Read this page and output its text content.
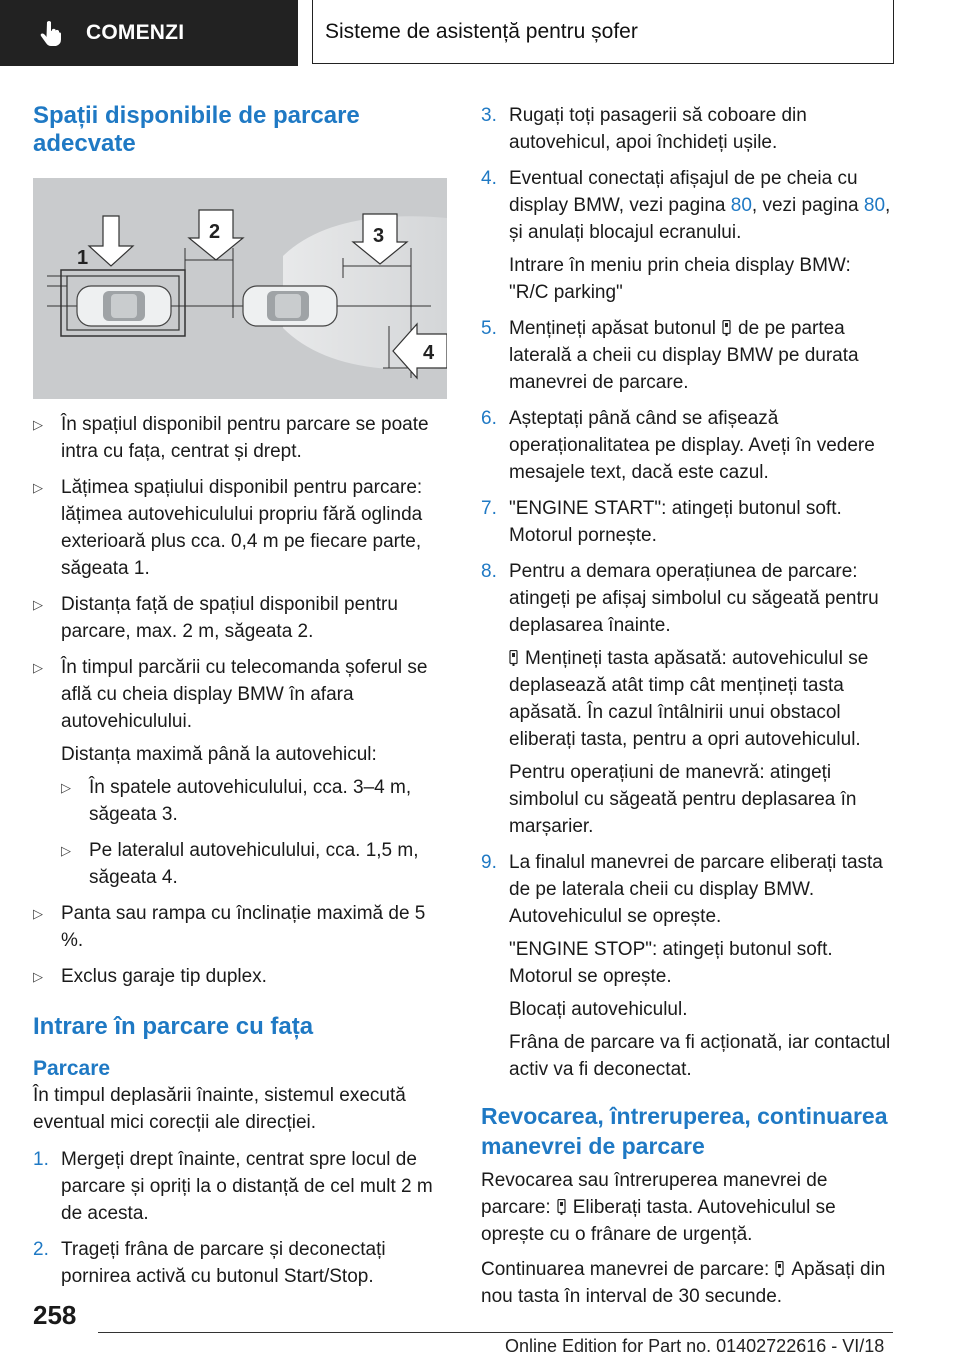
COMENZI	Sisteme de asistență pentru șofer
Spații disponibile de parcare adecvate
1
2	3
4
▷ În spațiul disponibil pentru parcare se poate intra cu fața, centrat și drept.
▷ Lățimea spațiului disponibil pentru parcare: lățimea autovehiculului propriu fără oglinda exterioară plus cca. 0,4 m pe fiecare parte, săgeata 1.
▷ Distanța față de spațiul disponibil pentru parcare, max. 2 m, săgeata 2.
▷ În timpul parcării cu telecomanda șoferul se află cu cheia display BMW în afara autovehiculului.
Distanța maximă până la autovehicul:
▷ În spatele autovehiculului, cca. 3–4 m, săgeata 3.
▷ Pe lateralul autovehiculului, cca. 1,5 m, săgeata 4.
▷ Panta sau rampa cu înclinație maximă de 5 %.
▷ Exclus garaje tip duplex.
Intrare în parcare cu fața
Parcare
În timpul deplasării înainte, sistemul execută eventual mici corecții ale direcției.
1. Mergeți drept înainte, centrat spre locul de parcare și opriți la o distanță de cel mult 2 m de acesta.
2. Trageți frâna de parcare și deconectați pornirea activă cu butonul Start/Stop.
3. Rugați toți pasagerii să coboare din autovehicul, apoi închideți ușile.
4. Eventual conectați afișajul de pe cheia cu display BMW, vezi pagina 80, vezi pagina 80, și anulați blocajul ecranului.
Intrare în meniu prin cheia display BMW: "R/C parking"
5. Mențineți apăsat butonul de pe partea laterală a cheii cu display BMW pe durata manevrei de parcare.
6. Așteptați până când se afișează operaționalitatea pe display. Aveți în vedere mesajele text, dacă este cazul.
7. "ENGINE START": atingeți butonul soft. Motorul pornește.
8. Pentru a demara operațiunea de parcare: atingeți pe afișaj simbolul cu săgeată pentru deplasarea înainte.
Mențineți tasta apăsată: autovehiculul se deplasează atât timp cât mențineți tasta apăsată. În cazul întâlnirii unui obstacol eliberați tasta, pentru a opri autovehiculul.
Pentru operațiuni de manevră: atingeți simbolul cu săgeată pentru deplasarea în marșarier.
9. La finalul manevrei de parcare eliberați tasta de pe laterala cheii cu display BMW. Autovehiculul se oprește.
"ENGINE STOP": atingeți butonul soft. Motorul se oprește.
Blocați autovehiculul.
Frâna de parcare va fi acționată, iar contactul activ va fi deconectat.
Revocarea, întreruperea, continuarea manevrei de parcare
Revocarea sau întreruperea manevrei de parcare: Eliberați tasta. Autovehiculul se oprește cu o frânare de urgență.
Continuarea manevrei de parcare: Apăsați din nou tasta în interval de 30 secunde.
258
Online Edition for Part no. 01402722616 - VI/18
